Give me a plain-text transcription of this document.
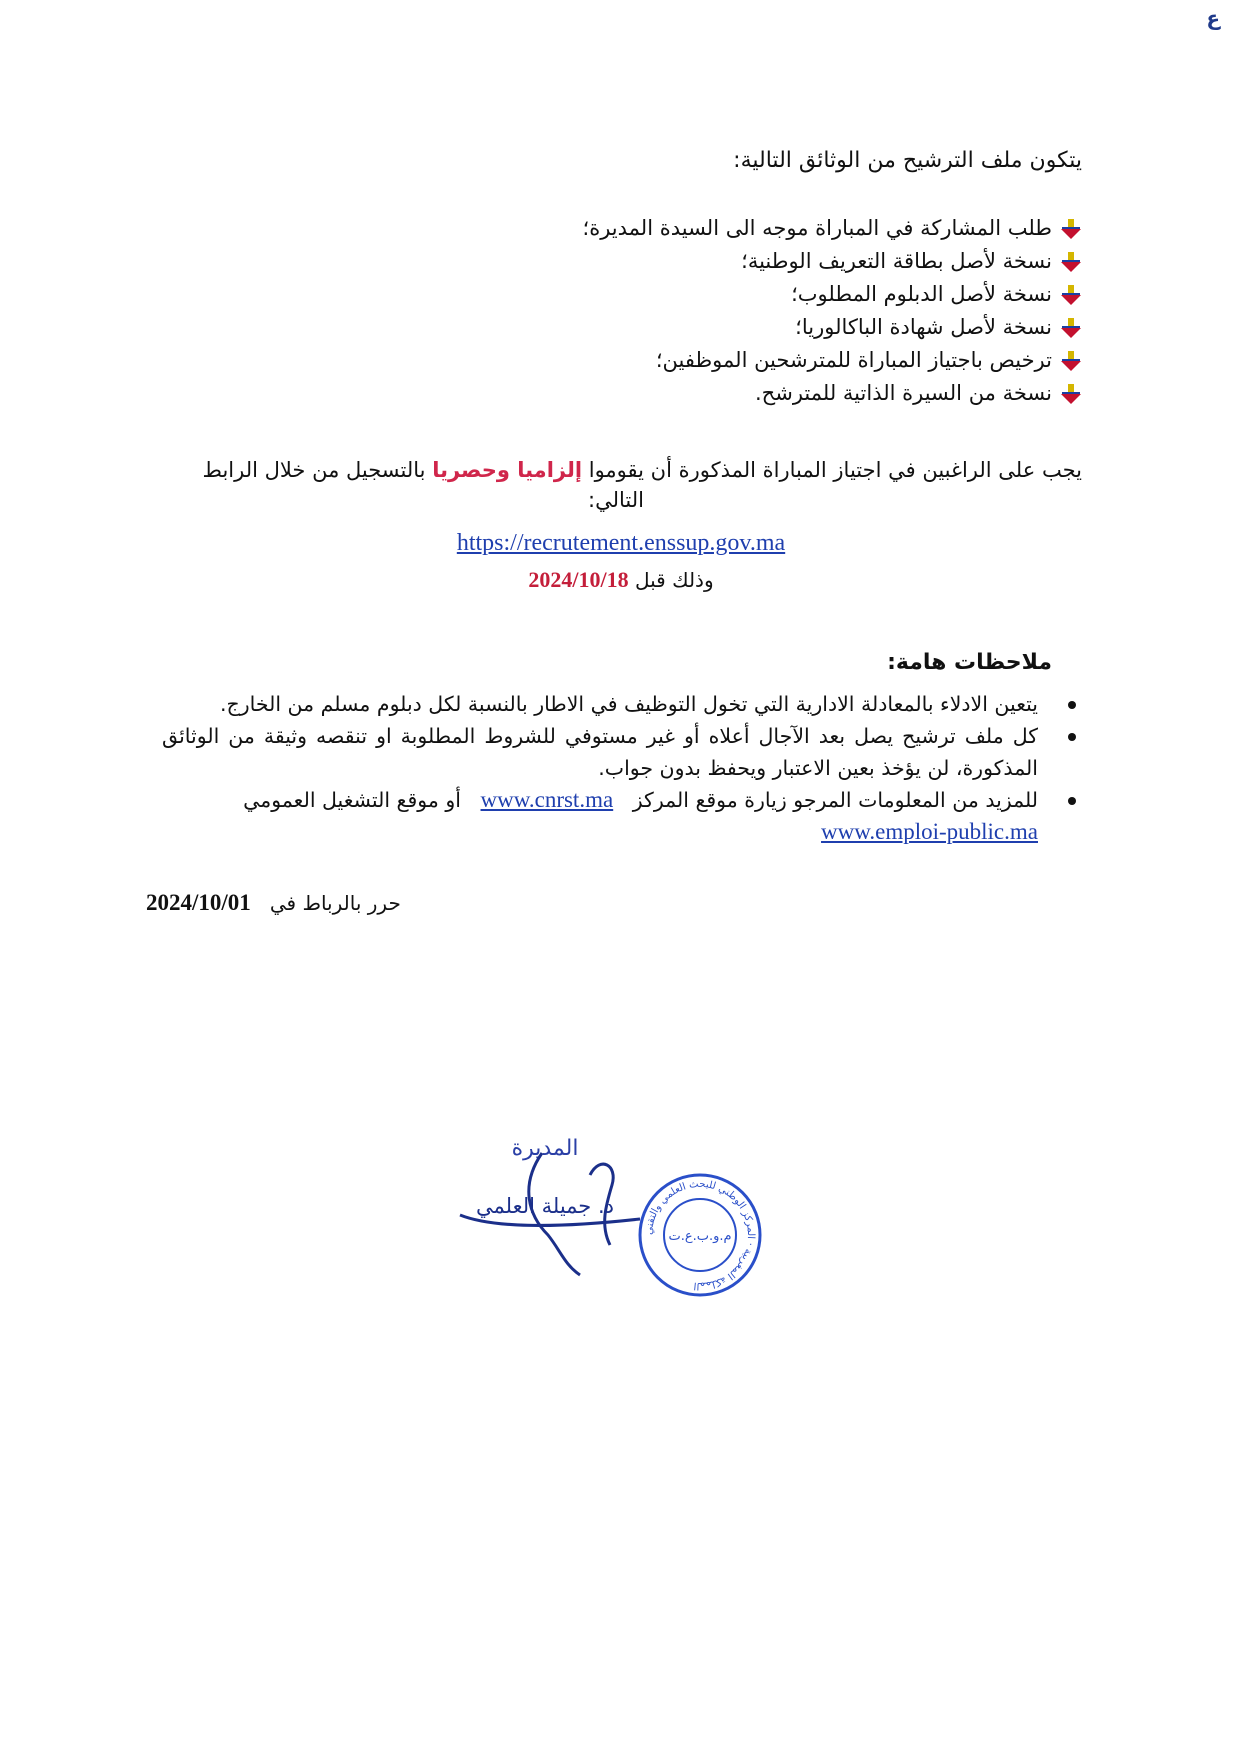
ع
يتكون ملف الترشيح من الوثائق التالية:
طلب المشاركة في المباراة موجه الى السيدة المديرة؛
نسخة لأصل بطاقة التعريف الوطنية؛
نسخة لأصل الدبلوم المطلوب؛
نسخة لأصل شهادة الباكالوريا؛
ترخيص باجتياز المباراة للمترشحين الموظفين؛
نسخة من السيرة الذاتية للمترشح.
يجب على الراغبين في اجتياز المباراة المذكورة أن يقوموا إلزاميا وحصريا بالتسجيل من خلال الرابط
التالي:
https://recrutement.enssup.gov.ma
وذلك قبل 2024/10/18
ملاحظات هامة:
يتعين الادلاء بالمعادلة الادارية التي تخول التوظيف في الاطار بالنسبة لكل دبلوم مسلم من الخارج.
كل ملف ترشيح يصل بعد الآجال أعلاه أو غير مستوفي للشروط المطلوبة او تنقصه وثيقة من الوثائق المذكورة، لن يؤخذ بعين الاعتبار ويحفظ بدون جواب.
للمزيد من المعلومات المرجو زيارة موقع المركز   www.cnrst.ma   أو موقع التشغيل العمومي
www.emploi-public.ma
حرر بالرباط في   2024/10/01
المملكة المغربية · المركز الوطني للبحث العلمي والتقني
م.و.ب.ع.ت
المديرة
د. جميلة العلمي
